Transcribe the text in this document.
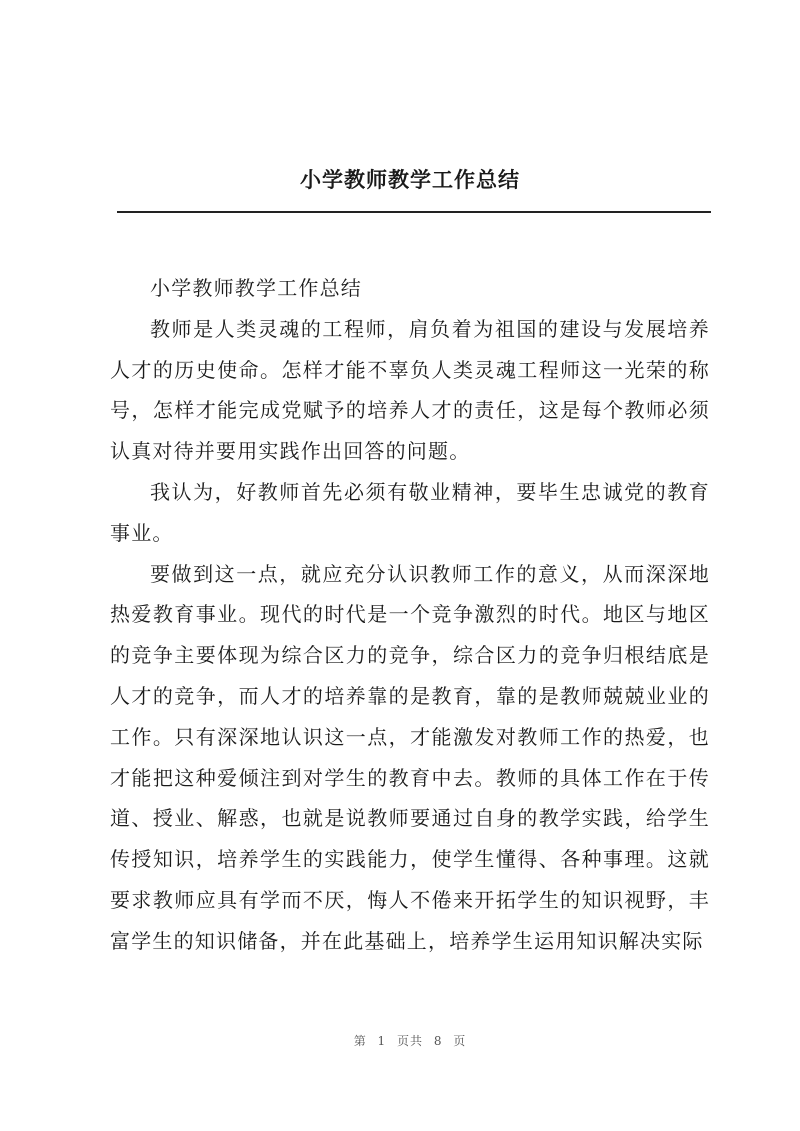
小学教师教学工作总结

小学教师教学工作总结

教师是人类灵魂的工程师，肩负着为祖国的建设与发展培养人才的历史使命。怎样才能不辜负人类灵魂工程师这一光荣的称号，怎样才能完成党赋予的培养人才的责任，这是每个教师必须认真对待并要用实践作出回答的问题。

我认为，好教师首先必须有敬业精神，要毕生忠诚党的教育事业。

要做到这一点，就应充分认识教师工作的意义，从而深深地热爱教育事业。现代的时代是一个竞争激烈的时代。地区与地区的竞争主要体现为综合区力的竞争，综合区力的竞争归根结底是人才的竞争，而人才的培养靠的是教育，靠的是教师兢兢业业的工作。只有深深地认识这一点，才能激发对教师工作的热爱，也才能把这种爱倾注到对学生的教育中去。教师的具体工作在于传道、授业、解惑，也就是说教师要通过自身的教学实践，给学生传授知识，培养学生的实践能力，使学生懂得、各种事理。这就要求教师应具有学而不厌，悔人不倦来开拓学生的知识视野，丰富学生的知识储备，并在此基础上，培养学生运用知识解决实际

第 1 页共 8 页
